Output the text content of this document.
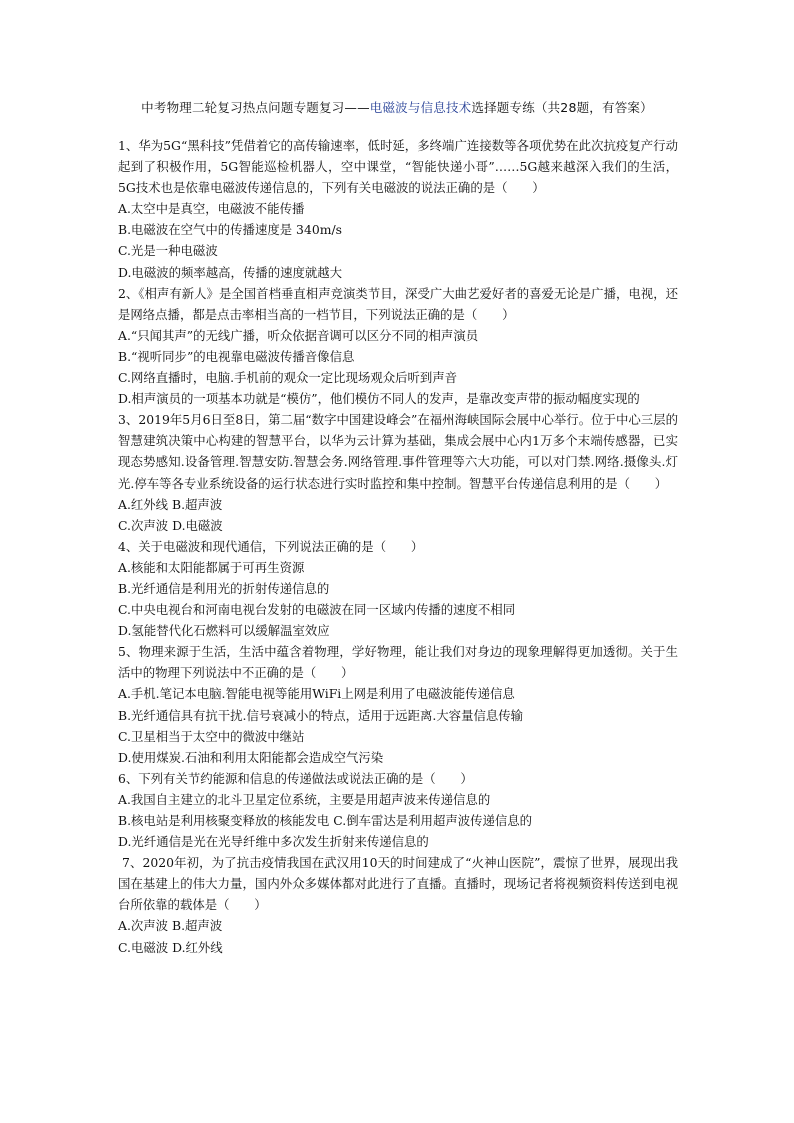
中考物理二轮复习热点问题专题复习——电磁波与信息技术选择题专练（共28题，有答案）

1、华为5G“黑科技”凭借着它的高传输速率，低时延，多终端广连接数等各项优势在此次抗疫复产行动起到了积极作用，5G智能巡检机器人，空中课堂，“智能快递小哥”……5G越来越深入我们的生活，5G技术也是依靠电磁波传递信息的，下列有关电磁波的说法正确的是（　　）

A.太空中是真空，电磁波不能传播

B.电磁波在空气中的传播速度是 340m/s

C.光是一种电磁波

D.电磁波的频率越高，传播的速度就越大

2、《相声有新人》是全国首档垂直相声竞演类节目，深受广大曲艺爱好者的喜爱无论是广播，电视，还是网络点播，都是点击率相当高的一档节目，下列说法正确的是（　　）

A.“只闻其声”的无线广播，听众依据音调可以区分不同的相声演员

B.“视听同步”的电视靠电磁波传播音像信息

C.网络直播时，电脑.手机前的观众一定比现场观众后听到声音

D.相声演员的一项基本功就是“模仿”，他们模仿不同人的发声，是靠改变声带的振动幅度实现的

3、2019年5月6日至8日，第二届“数字中国建设峰会”在福州海峡国际会展中心举行。位于中心三层的智慧建筑决策中心构建的智慧平台，以华为云计算为基础，集成会展中心内1万多个末端传感器，已实现态势感知.设备管理.智慧安防.智慧会务.网络管理.事件管理等六大功能，可以对门禁.网络.摄像头.灯光.停车等各专业系统设备的运行状态进行实时监控和集中控制。智慧平台传递信息利用的是（　　）

A.红外线 B.超声波

C.次声波 D.电磁波

4、关于电磁波和现代通信，下列说法正确的是（　　）

A.核能和太阳能都属于可再生资源

B.光纤通信是利用光的折射传递信息的

C.中央电视台和河南电视台发射的电磁波在同一区域内传播的速度不相同

D.氢能替代化石燃料可以缓解温室效应

5、物理来源于生活，生活中蕴含着物理，学好物理，能让我们对身边的现象理解得更加透彻。关于生活中的物理下列说法中不正确的是（　　）

A.手机.笔记本电脑.智能电视等能用WiFi上网是利用了电磁波能传递信息

B.光纤通信具有抗干扰.信号衰减小的特点，适用于远距离.大容量信息传输

C.卫星相当于太空中的微波中继站

D.使用煤炭.石油和利用太阳能都会造成空气污染

6、下列有关节约能源和信息的传递做法或说法正确的是（　　）

A.我国自主建立的北斗卫星定位系统，主要是用超声波来传递信息的

B.核电站是利用核聚变释放的核能发电 C.倒车雷达是利用超声波传递信息的

D.光纤通信是光在光导纤维中多次发生折射来传递信息的

7、2020年初，为了抗击疫情我国在武汉用10天的时间建成了“火神山医院”，震惊了世界，展现出我国在基建上的伟大力量，国内外众多媒体都对此进行了直播。直播时，现场记者将视频资料传送到电视台所依靠的载体是（　　）

A.次声波 B.超声波

C.电磁波 D.红外线
